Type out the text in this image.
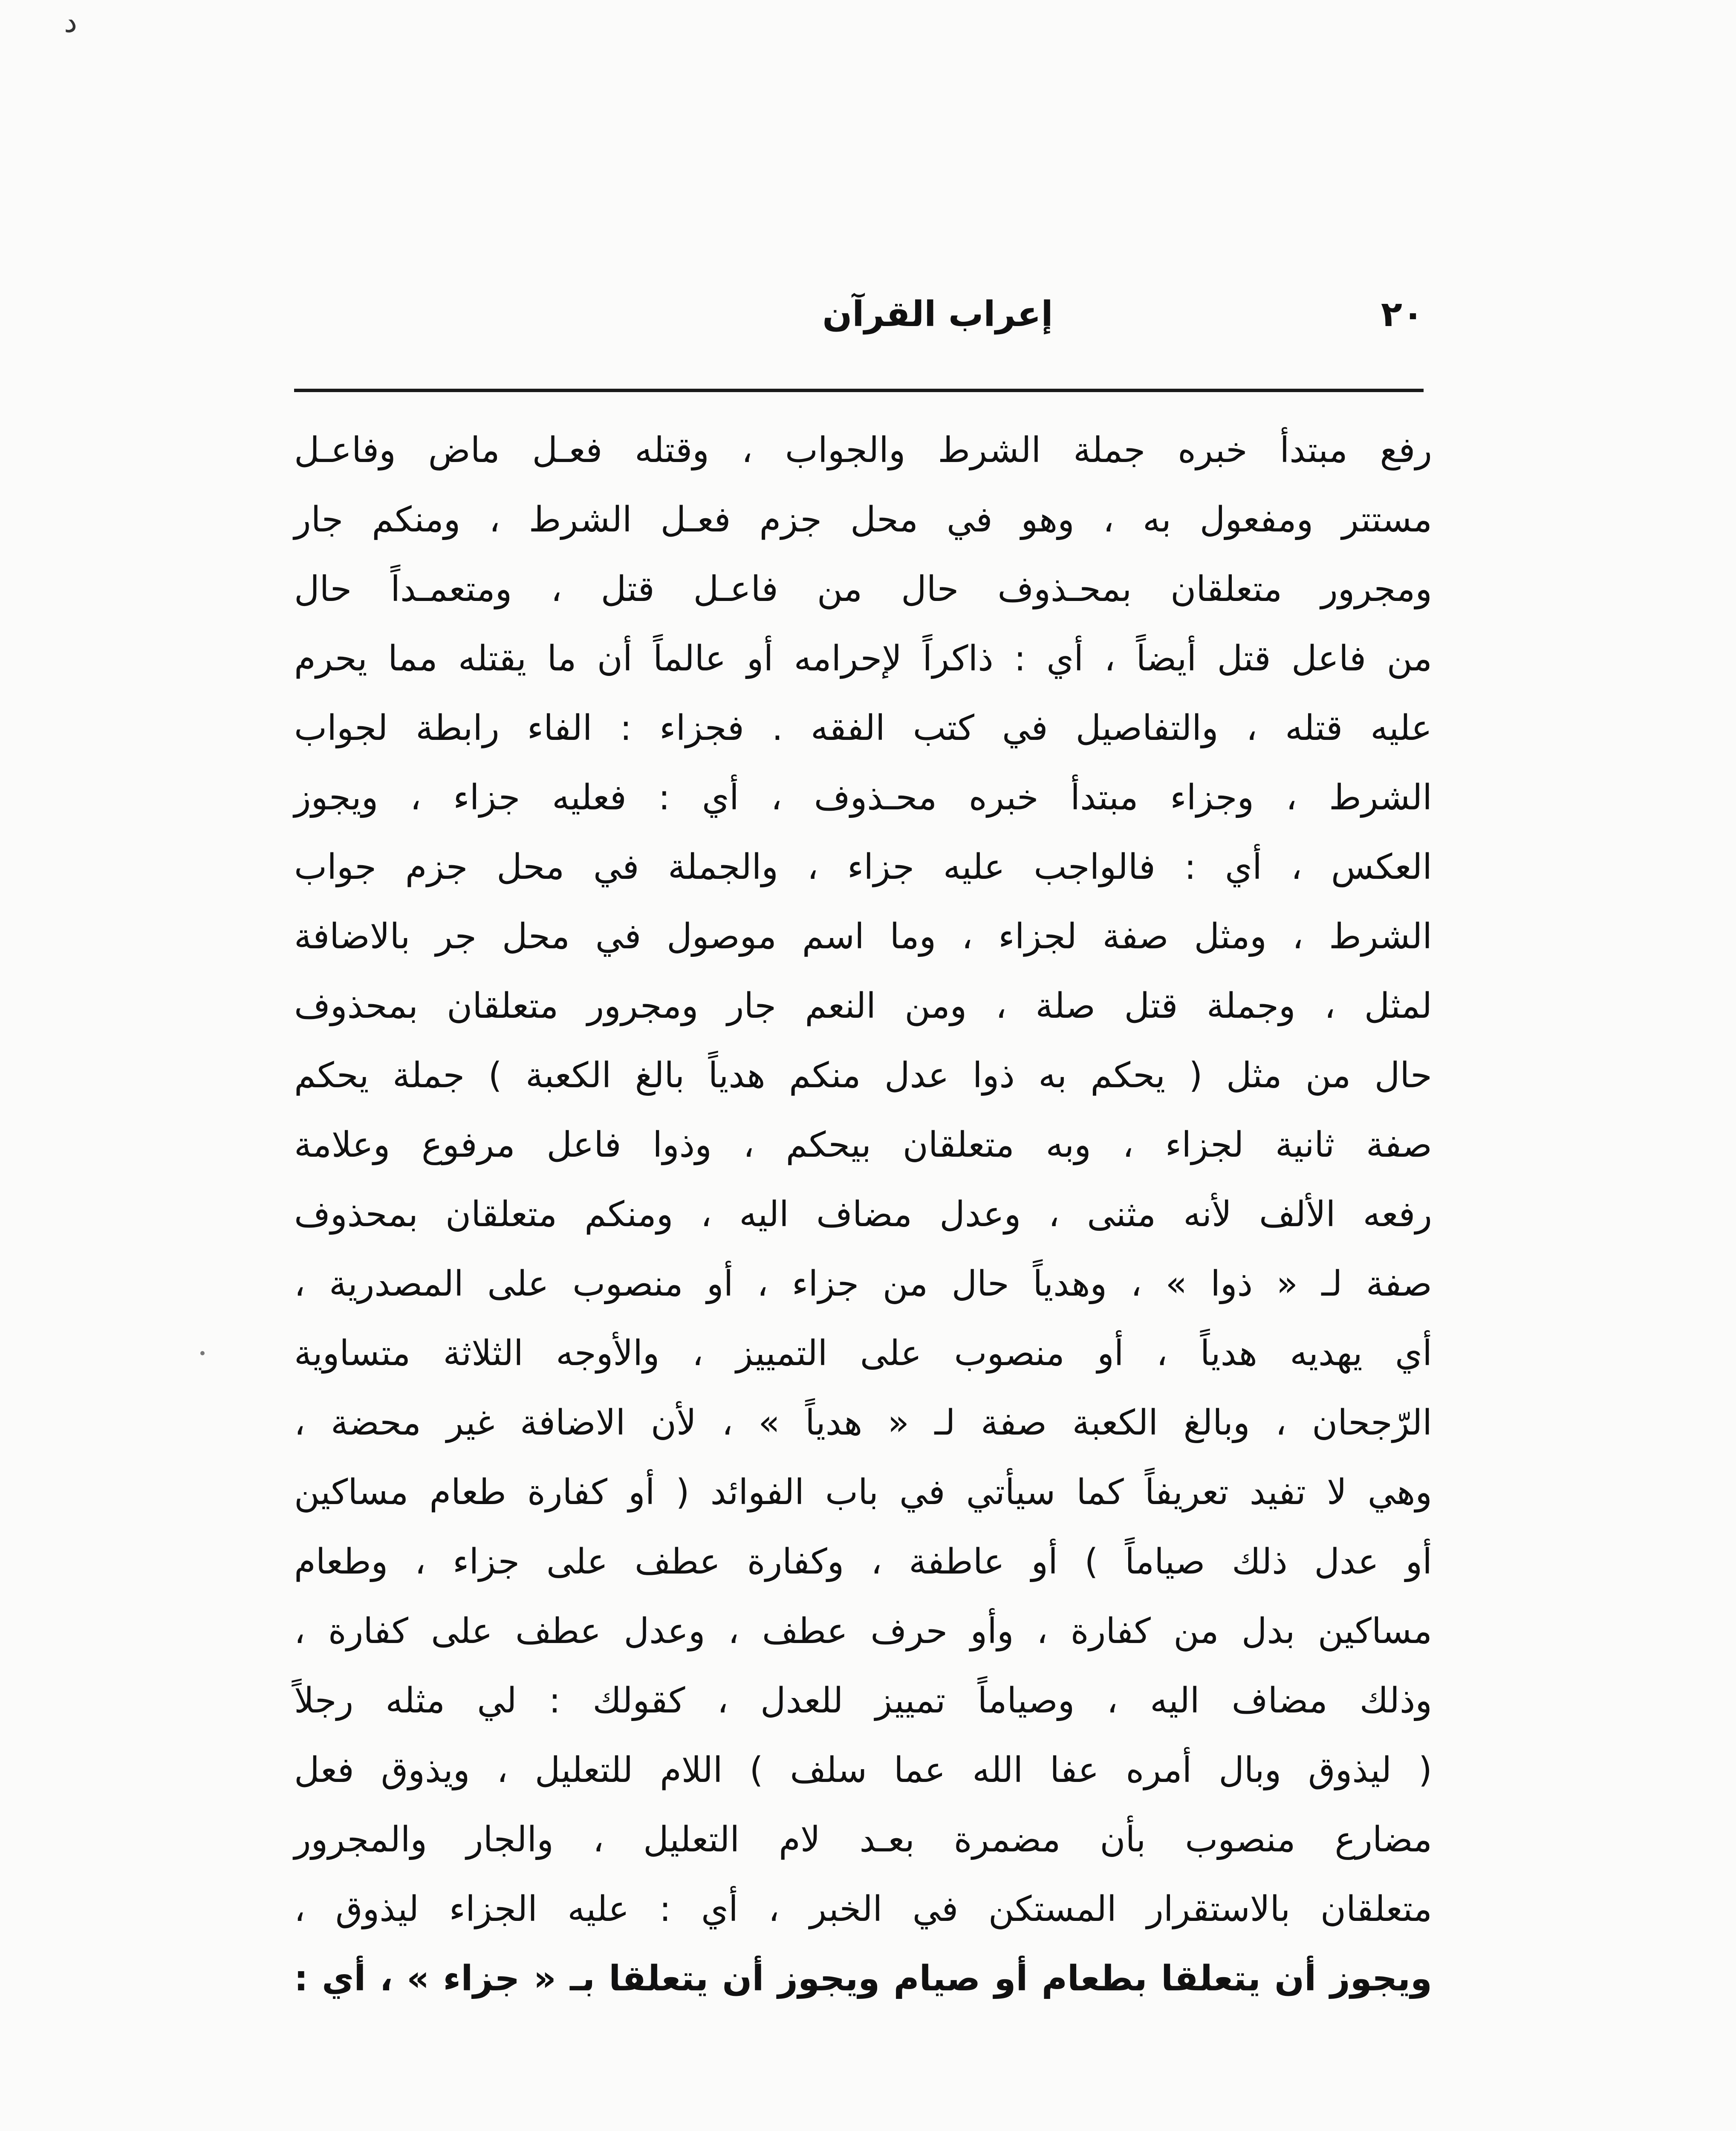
د
٢٠
إعراب القرآن
رفع مبتدأ خبره جملة الشرط والجواب ، وقتله فعـل ماض وفاعـل
مستتر ومفعول به ، وهو في محل جزم فعـل الشرط ، ومنكم جار
ومجرور متعلقان بمحـذوف حال من فاعـل قتل ، ومتعمـداً حال
من فاعل قتل أيضاً ، أي : ذاكراً لإحرامه أو عالماً أن ما يقتله مما يحرم
عليه قتله ، والتفاصيل في كتب الفقه . فجزاء : الفاء رابطة لجواب
الشرط ، وجزاء مبتدأ خبره محـذوف ، أي : فعليه جزاء ، ويجوز
العكس ، أي : فالواجب عليه جزاء ، والجملة في محل جزم جواب
الشرط ، ومثل صفة لجزاء ، وما اسم موصول في محل جر بالاضافة
لمثل ، وجملة قتل صلة ، ومن النعم جار ومجرور متعلقان بمحذوف
حال من مثل ( يحكم به ذوا عدل منكم هدياً بالغ الكعبة ) جملة يحكم
صفة ثانية لجزاء ، وبه متعلقان بيحكم ، وذوا فاعل مرفوع وعلامة
رفعه الألف لأنه مثنى ، وعدل مضاف اليه ، ومنكم متعلقان بمحذوف
صفة لـ « ذوا » ، وهدياً حال من جزاء ، أو منصوب على المصدرية ،
أي يهديه هدياً ، أو منصوب على التمييز ، والأوجه الثلاثة متساوية
الرّجحان ، وبالغ الكعبة صفة لـ « هدياً » ، لأن الاضافة غير محضة ،
وهي لا تفيد تعريفاً كما سيأتي في باب الفوائد ( أو كفارة طعام مساكين
أو عدل ذلك صياماً ) أو عاطفة ، وكفارة عطف على جزاء ، وطعام
مساكين بدل من كفارة ، وأو حرف عطف ، وعدل عطف على كفارة ،
وذلك مضاف اليه ، وصياماً تمييز للعدل ، كقولك : لي مثله رجلاً
( ليذوق وبال أمره عفا الله عما سلف ) اللام للتعليل ، ويذوق فعل
مضارع منصوب بأن مضمرة بعـد لام التعليل ، والجار والمجرور
متعلقان بالاستقرار المستكن في الخبر ، أي : عليه الجزاء ليذوق ،
ويجوز أن يتعلقا بطعام أو صيام ويجوز أن يتعلقا بـ « جزاء » ، أي :
